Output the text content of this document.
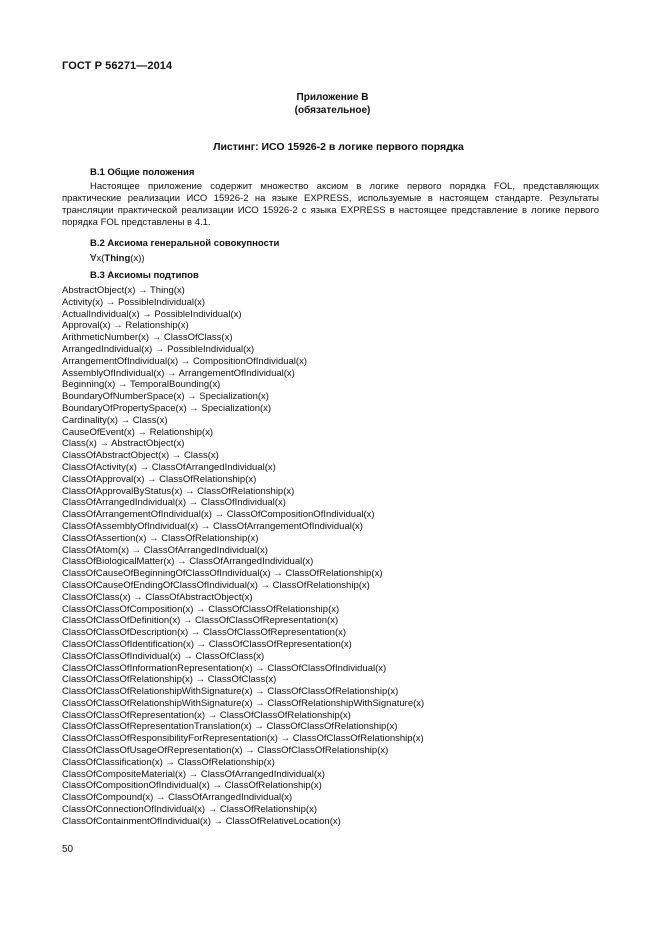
ГОСТ Р 56271—2014
Приложение В
(обязательное)
Листинг: ИСО 15926-2 в логике первого порядка
В.1 Общие положения

Настоящее приложение содержит множество аксиом в логике первого порядка FOL, представляющих практические реализации ИСО 15926-2 на языке EXPRESS, используемые в настоящем стандарте. Результаты трансляции практической реализации ИСО 15926-2 с языка EXPRESS в настоящее представление в логике первого порядка FOL представлены в 4.1.

В.2 Аксиома генеральной совокупности
∀x(Thing(x))
В.3 Аксиомы подтипов
AbstractObject(x) → Thing(x)
Activity(x) → PossibleIndividual(x)
ActualIndividual(x) → PossibleIndividual(x)
Approval(x) → Relationship(x)
ArithmeticNumber(x) → ClassOfClass(x)
ArrangedIndividual(x) → PossibleIndividual(x)
ArrangementOfIndividual(x) → CompositionOfIndividual(x)
AssemblyOfIndividual(x) → ArrangementOfIndividual(x)
Beginning(x) → TemporalBounding(x)
BoundaryOfNumberSpace(x) → Specialization(x)
BoundaryOfPropertySpace(x) → Specialization(x)
Cardinality(x) → Class(x)
CauseOfEvent(x) → Relationship(x)
Class(x) → AbstractObject(x)
ClassOfAbstractObject(x) → Class(x)
ClassOfActivity(x) → ClassOfArrangedIndividual(x)
ClassOfApproval(x) → ClassOfRelationship(x)
ClassOfApprovalByStatus(x) → ClassOfRelationship(x)
ClassOfArrangedIndividual(x) → ClassOfIndividual(x)
ClassOfArrangementOfIndividual(x) → ClassOfCompositionOfIndividual(x)
ClassOfAssemblyOfIndividual(x) → ClassOfArrangementOfIndividual(x)
ClassOfAssertion(x) → ClassOfRelationship(x)
ClassOfAtom(x) → ClassOfArrangedIndividual(x)
ClassOfBiologicalMatter(x) → ClassOfArrangedIndividual(x)
ClassOfCauseOfBeginningOfClassOfIndividual(x) → ClassOfRelationship(x)
ClassOfCauseOfEndingOfClassOfIndividual(x) → ClassOfRelationship(x)
ClassOfClass(x) → ClassOfAbstractObject(x)
ClassOfClassOfComposition(x) → ClassOfClassOfRelationship(x)
ClassOfClassOfDefinition(x) → ClassOfClassOfRepresentation(x)
ClassOfClassOfDescription(x) → ClassOfClassOfRepresentation(x)
ClassOfClassOfIdentification(x) → ClassOfClassOfRepresentation(x)
ClassOfClassOfIndividual(x) → ClassOfClass(x)
ClassOfClassOfInformationRepresentation(x) → ClassOfClassOfIndividual(x)
ClassOfClassOfRelationship(x) → ClassOfClass(x)
ClassOfClassOfRelationshipWithSignature(x) → ClassOfClassOfRelationship(x)
ClassOfClassOfRelationshipWithSignature(x) → ClassOfRelationshipWithSignature(x)
ClassOfClassOfRepresentation(x) → ClassOfClassOfRelationship(x)
ClassOfClassOfRepresentationTranslation(x) → ClassOfClassOfRelationship(x)
ClassOfClassOfResponsibilityForRepresentation(x) → ClassOfClassOfRelationship(x)
ClassOfClassOfUsageOfRepresentation(x) → ClassOfClassOfRelationship(x)
ClassOfClassification(x) → ClassOfRelationship(x)
ClassOfCompositeMaterial(x) → ClassOfArrangedIndividual(x)
ClassOfCompositionOfIndividual(x) → ClassOfRelationship(x)
ClassOfCompound(x) → ClassOfArrangedIndividual(x)
ClassOfConnectionOfIndividual(x) → ClassOfRelationship(x)
ClassOfContainmentOfIndividual(x) → ClassOfRelativeLocation(x)
50
